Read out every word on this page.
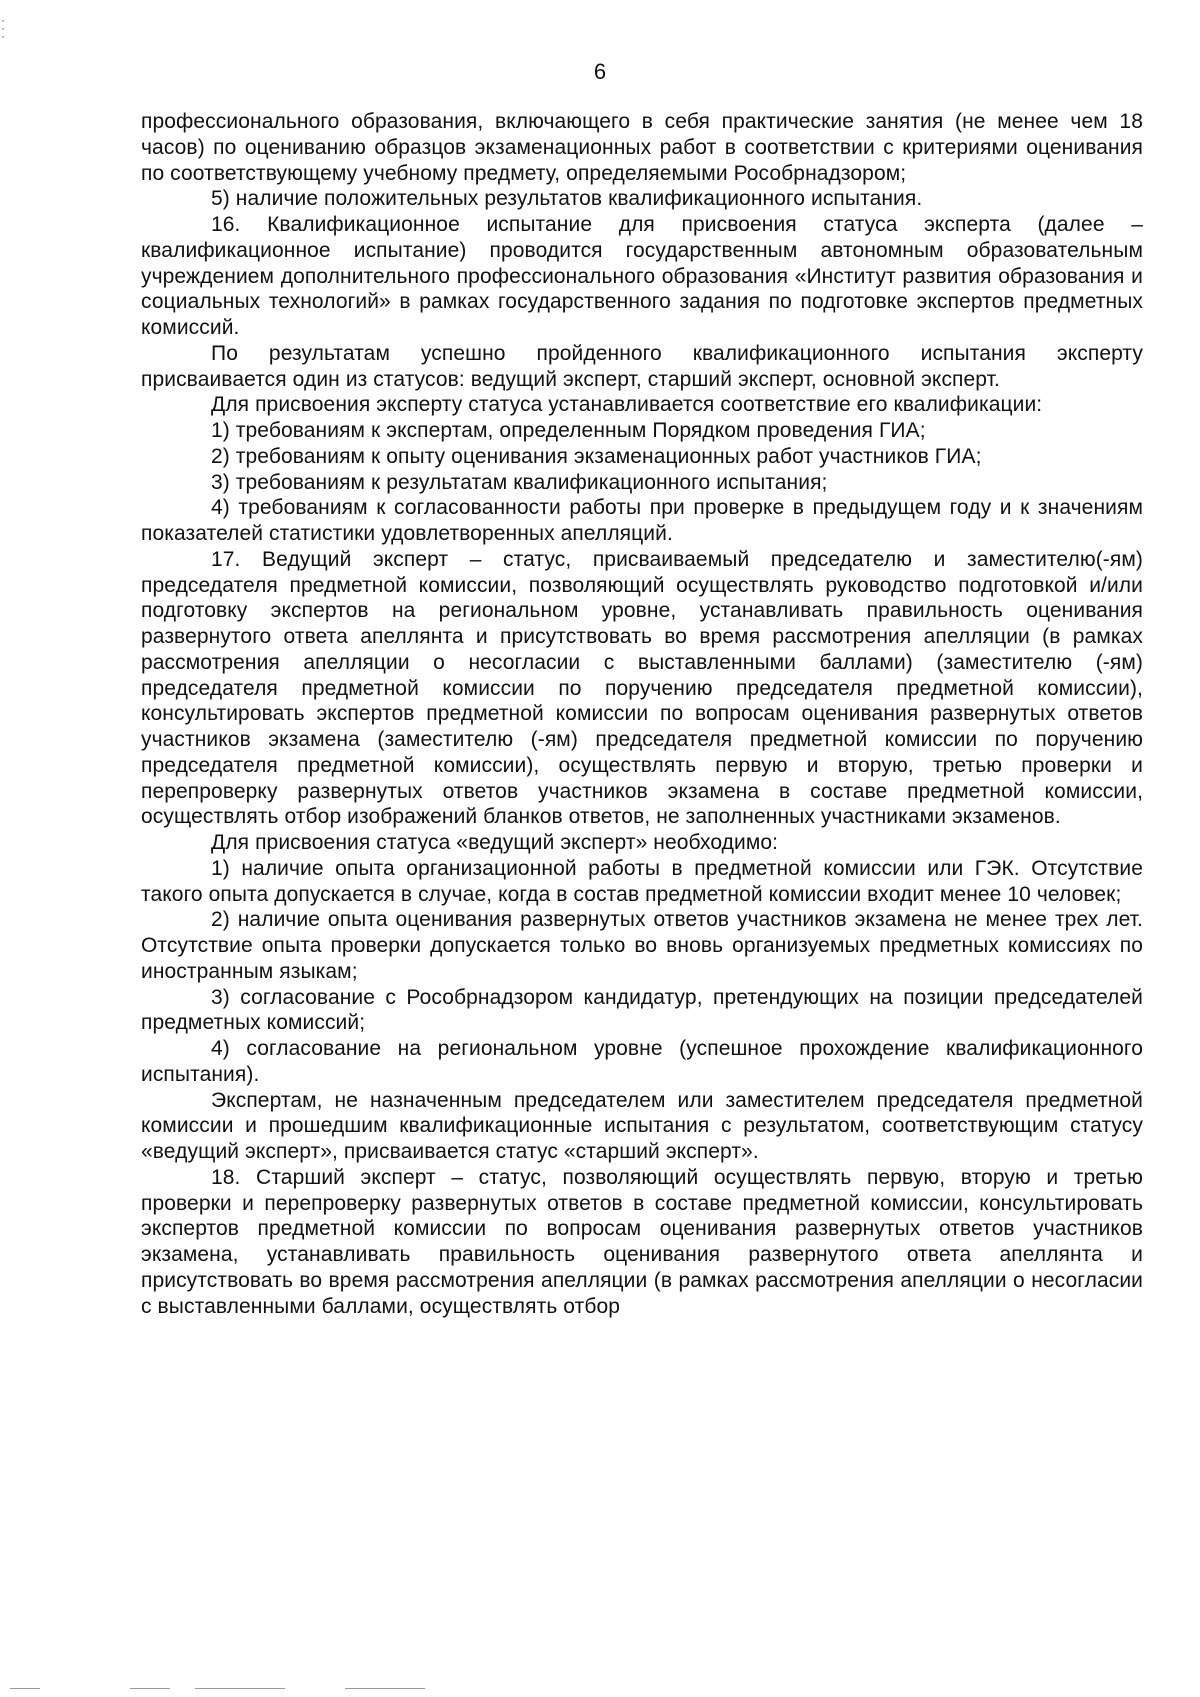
6

профессионального образования, включающего в себя практические занятия (не менее чем 18 часов) по оцениванию образцов экзаменационных работ в соответствии с критериями оценивания по соответствующему учебному предмету, определяемыми Рособрнадзором;

5) наличие положительных результатов квалификационного испытания.

16. Квалификационное испытание для присвоения статуса эксперта (далее – квалификационное испытание) проводится государственным автономным образовательным учреждением дополнительного профессионального образования «Институт развития образования и социальных технологий» в рамках государственного задания по подготовке экспертов предметных комиссий.

По результатам успешно пройденного квалификационного испытания эксперту присваивается один из статусов: ведущий эксперт, старший эксперт, основной эксперт.

Для присвоения эксперту статуса устанавливается соответствие его квалификации:

1) требованиям к экспертам, определенным Порядком проведения ГИА;

2) требованиям к опыту оценивания экзаменационных работ участников ГИА;

3) требованиям к результатам квалификационного испытания;

4) требованиям к согласованности работы при проверке в предыдущем году и к значениям показателей статистики удовлетворенных апелляций.

17. Ведущий эксперт – статус, присваиваемый председателю и заместителю(-ям) председателя предметной комиссии, позволяющий осуществлять руководство подготовкой и/или подготовку экспертов на региональном уровне, устанавливать правильность оценивания развернутого ответа апеллянта и присутствовать во время рассмотрения апелляции (в рамках рассмотрения апелляции о несогласии с выставленными баллами) (заместителю (-ям) председателя предметной комиссии по поручению председателя предметной комиссии), консультировать экспертов предметной комиссии по вопросам оценивания развернутых ответов участников экзамена (заместителю (-ям) председателя предметной комиссии по поручению председателя предметной комиссии), осуществлять первую и вторую, третью проверки и перепроверку развернутых ответов участников экзамена в составе предметной комиссии, осуществлять отбор изображений бланков ответов, не заполненных участниками экзаменов.

Для присвоения статуса «ведущий эксперт» необходимо:

1) наличие опыта организационной работы в предметной комиссии или ГЭК. Отсутствие такого опыта допускается в случае, когда в состав предметной комиссии входит менее 10 человек;

2) наличие опыта оценивания развернутых ответов участников экзамена не менее трех лет. Отсутствие опыта проверки допускается только во вновь организуемых предметных комиссиях по иностранным языкам;

3) согласование с Рособрнадзором кандидатур, претендующих на позиции председателей предметных комиссий;

4) согласование на региональном уровне (успешное прохождение квалификационного испытания).

Экспертам, не назначенным председателем или заместителем председателя предметной комиссии и прошедшим квалификационные испытания с результатом, соответствующим статусу «ведущий эксперт», присваивается статус «старший эксперт».

18. Старший эксперт – статус, позволяющий осуществлять первую, вторую и третью проверки и перепроверку развернутых ответов в составе предметной комиссии, консультировать экспертов предметной комиссии по вопросам оценивания развернутых ответов участников экзамена, устанавливать правильность оценивания развернутого ответа апеллянта и присутствовать во время рассмотрения апелляции (в рамках рассмотрения апелляции о несогласии с выставленными баллами, осуществлять отбор
